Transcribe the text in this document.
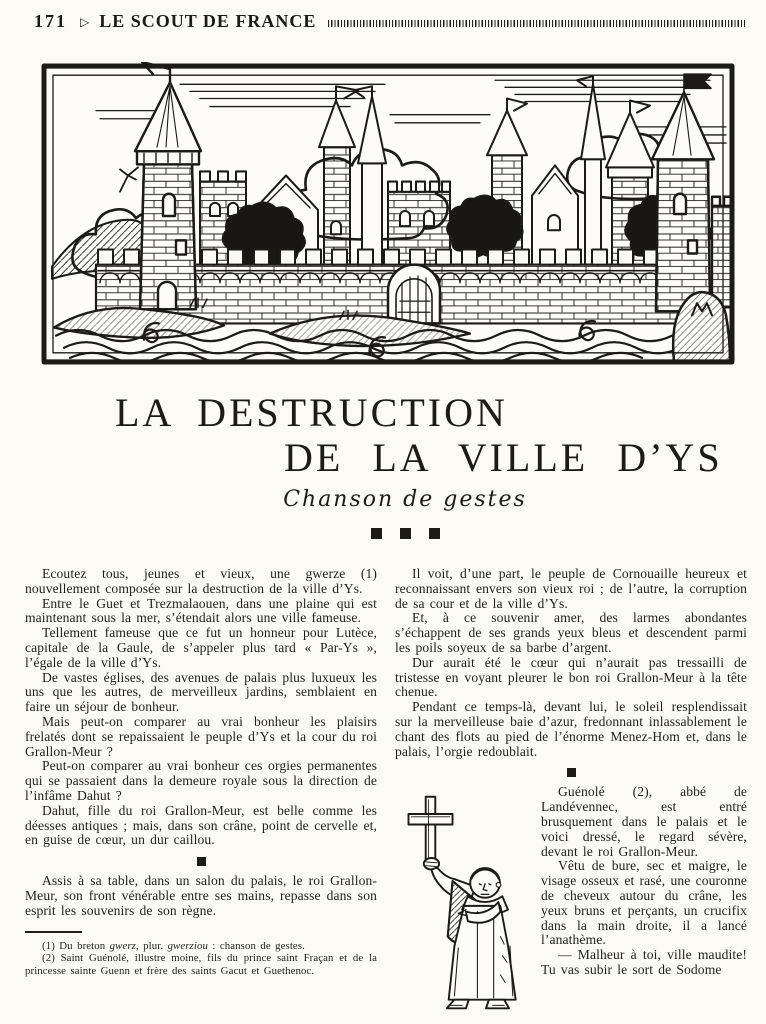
171 ▷ LE SCOUT DE FRANCE
LA DESTRUCTION
DE LA VILLE D’YS
Chanson de gestes

Ecoutez tous, jeunes et vieux, une gwerze (1) nouvellement composée sur la destruction de la ville d’Ys.

Entre le Guet et Trezmalaouen, dans une plaine qui est maintenant sous la mer, s’étendait alors une ville fameuse.

Tellement fameuse que ce fut un honneur pour Lutèce, capitale de la Gaule, de s’appeler plus tard « Par-Ys », l’égale de la ville d’Ys.

De vastes églises, des avenues de palais plus luxueux les uns que les autres, de merveilleux jardins, semblaient en faire un séjour de bonheur.

Mais peut-on comparer au vrai bonheur les plaisirs frelatés dont se repaissaient le peuple d’Ys et la cour du roi Grallon-Meur ?

Peut-on comparer au vrai bonheur ces orgies permanentes qui se passaient dans la demeure royale sous la direction de l’infâme Dahut ?

Dahut, fille du roi Grallon-Meur, est belle comme les déesses antiques ; mais, dans son crâne, point de cervelle et, en guise de cœur, un dur caillou.

Assis à sa table, dans un salon du palais, le roi Grallon-Meur, son front vénérable entre ses mains, repasse dans son esprit les souvenirs de son règne.

(1) Du breton gwerz, plur. gwerziou : chanson de gestes.

(2) Saint Guénolé, illustre moine, fils du prince saint Fraçan et de la princesse sainte Guenn et frère des saints Gacut et Guethenoc.

Il voit, d’une part, le peuple de Cornouaille heureux et reconnaissant envers son vieux roi ; de l’autre, la corruption de sa cour et de la ville d’Ys.

Et, à ce souvenir amer, des larmes abondantes s’échappent de ses grands yeux bleus et descendent parmi les poils soyeux de sa barbe d’argent.

Dur aurait été le cœur qui n’aurait pas tressailli de tristesse en voyant pleurer le bon roi Grallon-Meur à la tête chenue.

Pendant ce temps-là, devant lui, le soleil resplendissait sur la merveilleuse baie d’azur, fredonnant inlassablement le chant des flots au pied de l’énorme Menez-Hom et, dans le palais, l’orgie redoublait.

Guénolé (2), abbé de Landévennec, est entré brusquement dans le palais et le voici dressé, le regard sévère, devant le roi Grallon-Meur.

Vêtu de bure, sec et maigre, le visage osseux et rasé, une couronne de cheveux autour du crâne, les yeux bruns et perçants, un crucifix dans la main droite, il a lancé l’anathème.

— Malheur à toi, ville maudite! Tu vas subir le sort de Sodome
